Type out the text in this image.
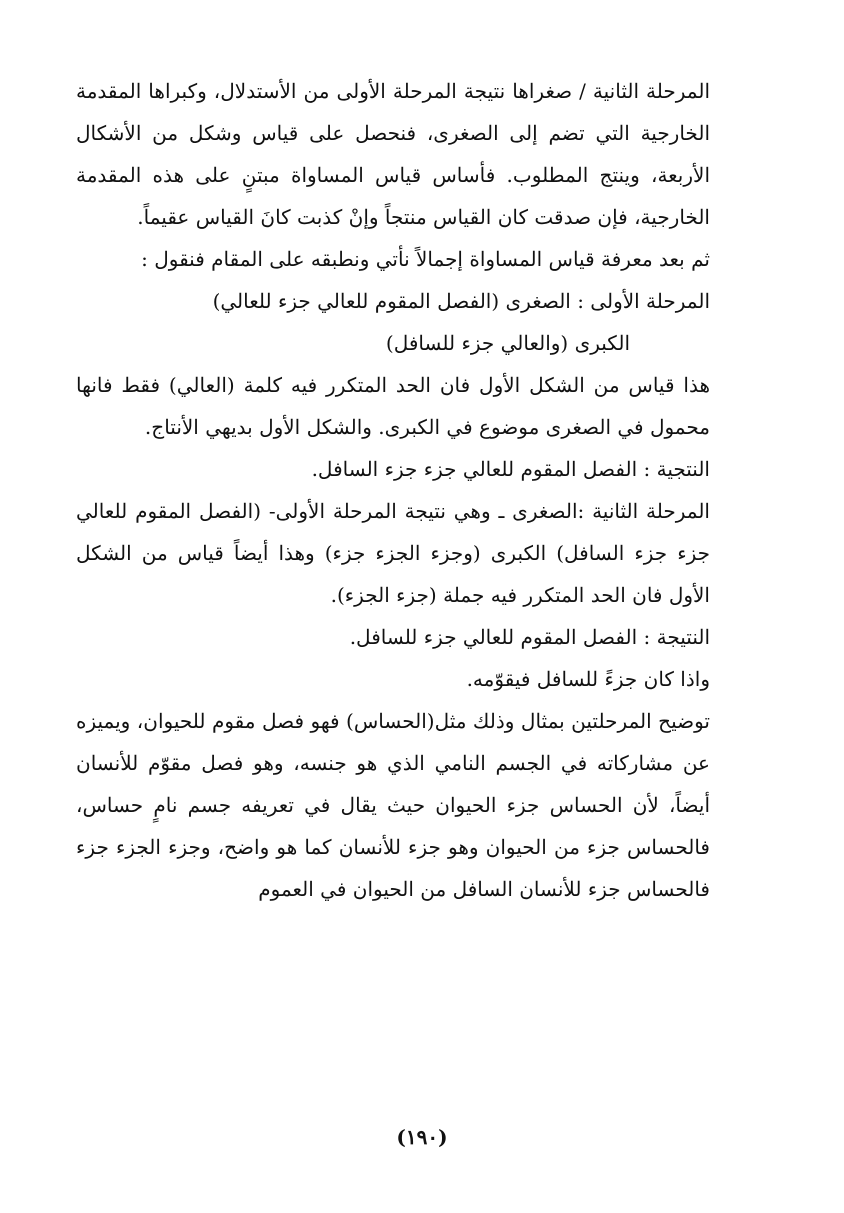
المرحلة الثانية / صغراها نتيجة المرحلة الأولى من الأستدلال، وكبراها المقدمة الخارجية التي تضم إلى الصغرى، فنحصل على قياس وشكل من الأشكال الأربعة، وينتج المطلوب. فأساس قياس المساواة مبتنٍ على هذه المقدمة الخارجية، فإن صدقت كان القياس منتجاً وإنْ كذبت كانَ القياس عقيماً.

ثم بعد معرفة قياس المساواة إجمالاً نأتي ونطبقه على المقام فنقول :

المرحلة الأولى : الصغرى (الفصل المقوم للعالي جزء للعالي)

الكبرى (والعالي جزء للسافل)

هذا قياس من الشكل الأول فان الحد المتكرر فيه كلمة (العالي) فقط فانها محمول في الصغرى موضوع في الكبرى. والشكل الأول بديهي الأنتاج.

النتجية : الفصل المقوم للعالي جزء جزء السافل.

المرحلة الثانية :الصغرى ـ وهي نتيجة المرحلة الأولى- (الفصل المقوم للعالي جزء جزء السافل) الكبرى (وجزء الجزء جزء) وهذا أيضاً قياس من الشكل الأول فان الحد المتكرر فيه جملة (جزء الجزء).

النتيجة : الفصل المقوم للعالي جزء للسافل.

واذا كان جزءً للسافل فيقوّمه.

توضيح المرحلتين بمثال وذلك مثل(الحساس) فهو فصل مقوم للحيوان، ويميزه عن مشاركاته في الجسم النامي الذي هو جنسه، وهو فصل مقوّم للأنسان أيضاً، لأن الحساس جزء الحيوان حيث يقال في تعريفه جسم نامٍ حساس، فالحساس جزء من الحيوان وهو جزء للأنسان كما هو واضح، وجزء الجزء جزء فالحساس جزء للأنسان السافل من الحيوان في العموم

(١٩٠)
